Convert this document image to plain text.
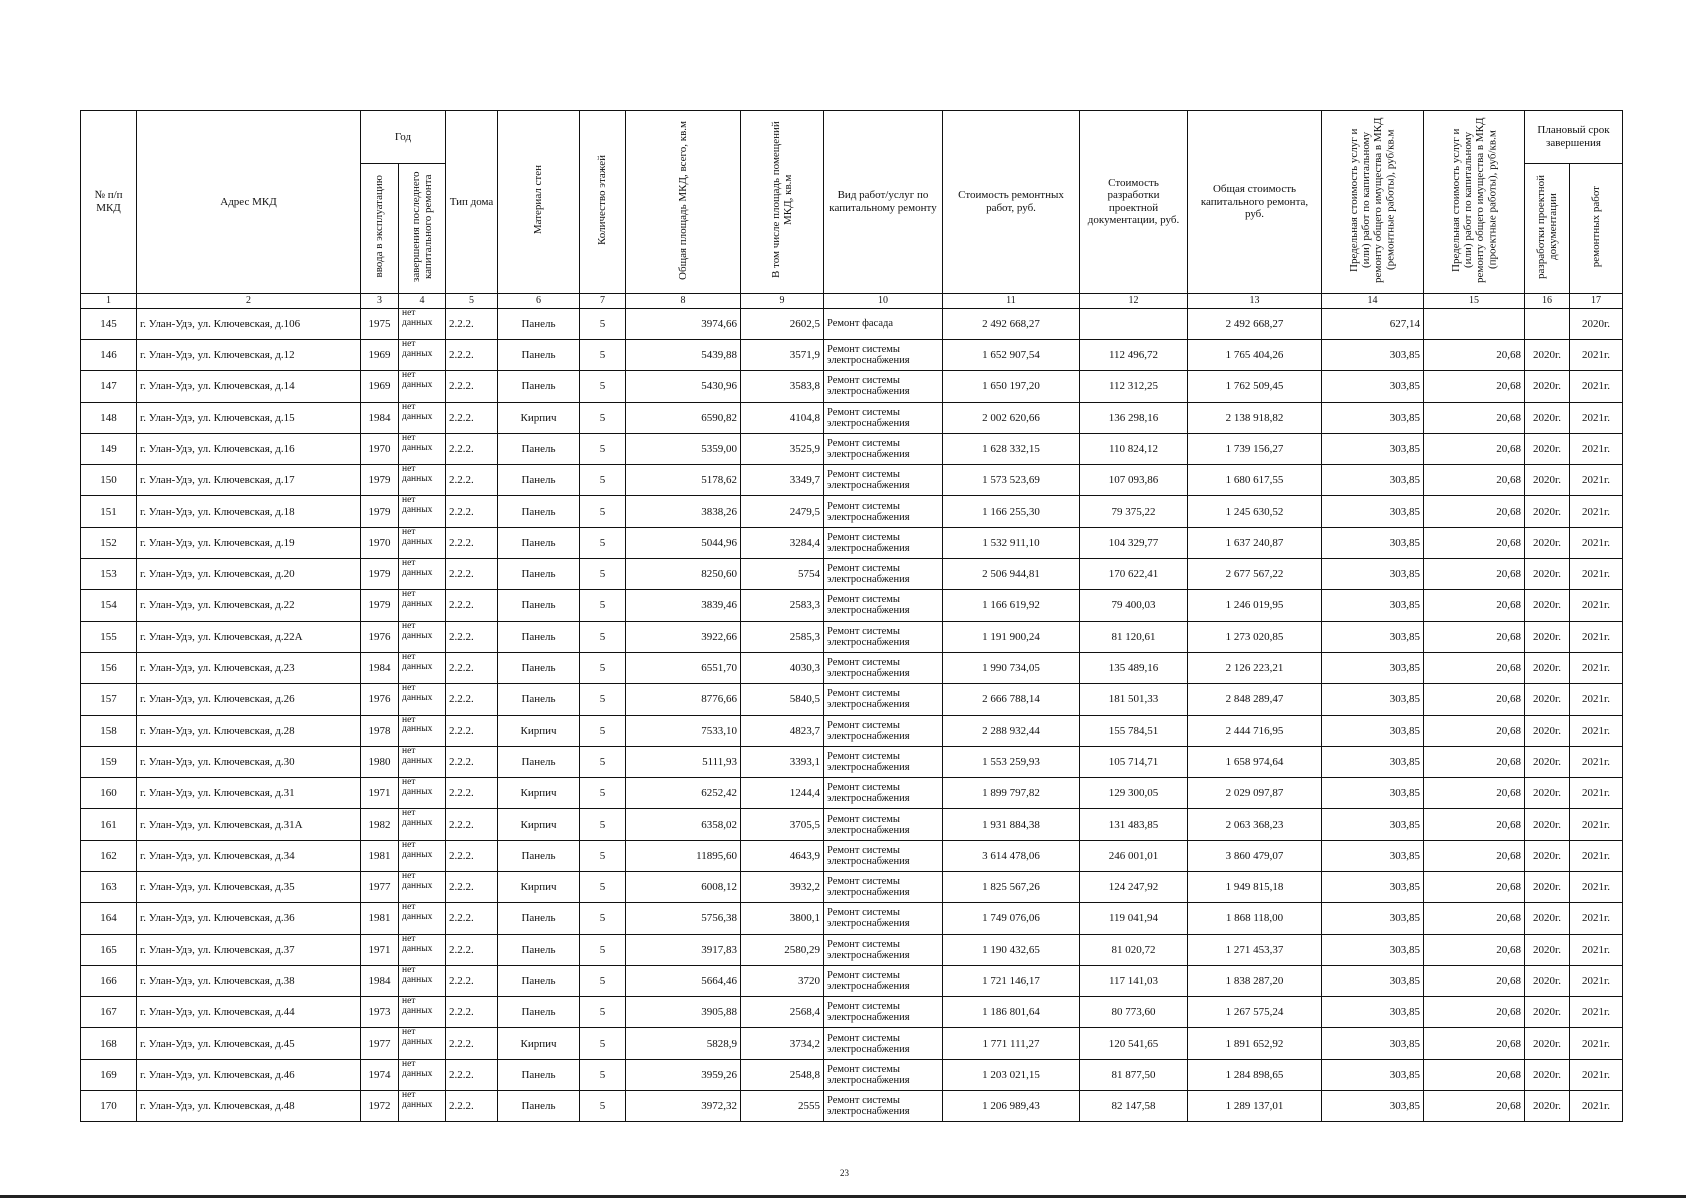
№ п/п МКД	Адрес МКД	Год		Тип дома	Материал стен	Количество этажей	Общая площадь МКД, всего, кв.м	В том числе площадь помещений МКД, кв.м	Вид работ/услуг по капитальному ремонту	Стоимость ремонтных работ, руб.	Стоимость разработки проектной документации, руб.	Общая стоимость капитального ремонта, руб.	Предельная стоимость услуг и (или) работ по капитальному ремонту общего имущества в МКД (ремонтные работы), руб/кв.м	Предельная стоимость услуг и (или) работ по капитальному ремонту общего имущества в МКД (проектные работы), руб/кв.м	Плановый срок завершения	
		ввода в эксплуатацию	завершения последнего капитального ремонта												разработки проектной документации	ремонтных работ
1	2	3	4	5	6	7	8	9	10	11	12	13	14	15	16	17
145	г. Улан-Удэ, ул. Ключевская, д.106	1975	нет данных	2.2.2.	Панель	5	3974,66	2602,5	Ремонт фасада	2 492 668,27		2 492 668,27	627,14			2020г.
146	г. Улан-Удэ, ул. Ключевская, д.12	1969	нет данных	2.2.2.	Панель	5	5439,88	3571,9	Ремонт системы электроснабжения	1 652 907,54	112 496,72	1 765 404,26	303,85	20,68	2020г.	2021г.
147	г. Улан-Удэ, ул. Ключевская, д.14	1969	нет данных	2.2.2.	Панель	5	5430,96	3583,8	Ремонт системы электроснабжения	1 650 197,20	112 312,25	1 762 509,45	303,85	20,68	2020г.	2021г.
148	г. Улан-Удэ, ул. Ключевская, д.15	1984	нет данных	2.2.2.	Кирпич	5	6590,82	4104,8	Ремонт системы электроснабжения	2 002 620,66	136 298,16	2 138 918,82	303,85	20,68	2020г.	2021г.
149	г. Улан-Удэ, ул. Ключевская, д.16	1970	нет данных	2.2.2.	Панель	5	5359,00	3525,9	Ремонт системы электроснабжения	1 628 332,15	110 824,12	1 739 156,27	303,85	20,68	2020г.	2021г.
150	г. Улан-Удэ, ул. Ключевская, д.17	1979	нет данных	2.2.2.	Панель	5	5178,62	3349,7	Ремонт системы электроснабжения	1 573 523,69	107 093,86	1 680 617,55	303,85	20,68	2020г.	2021г.
151	г. Улан-Удэ, ул. Ключевская, д.18	1979	нет данных	2.2.2.	Панель	5	3838,26	2479,5	Ремонт системы электроснабжения	1 166 255,30	79 375,22	1 245 630,52	303,85	20,68	2020г.	2021г.
152	г. Улан-Удэ, ул. Ключевская, д.19	1970	нет данных	2.2.2.	Панель	5	5044,96	3284,4	Ремонт системы электроснабжения	1 532 911,10	104 329,77	1 637 240,87	303,85	20,68	2020г.	2021г.
153	г. Улан-Удэ, ул. Ключевская, д.20	1979	нет данных	2.2.2.	Панель	5	8250,60	5754	Ремонт системы электроснабжения	2 506 944,81	170 622,41	2 677 567,22	303,85	20,68	2020г.	2021г.
154	г. Улан-Удэ, ул. Ключевская, д.22	1979	нет данных	2.2.2.	Панель	5	3839,46	2583,3	Ремонт системы электроснабжения	1 166 619,92	79 400,03	1 246 019,95	303,85	20,68	2020г.	2021г.
155	г. Улан-Удэ, ул. Ключевская, д.22А	1976	нет данных	2.2.2.	Панель	5	3922,66	2585,3	Ремонт системы электроснабжения	1 191 900,24	81 120,61	1 273 020,85	303,85	20,68	2020г.	2021г.
156	г. Улан-Удэ, ул. Ключевская, д.23	1984	нет данных	2.2.2.	Панель	5	6551,70	4030,3	Ремонт системы электроснабжения	1 990 734,05	135 489,16	2 126 223,21	303,85	20,68	2020г.	2021г.
157	г. Улан-Удэ, ул. Ключевская, д.26	1976	нет данных	2.2.2.	Панель	5	8776,66	5840,5	Ремонт системы электроснабжения	2 666 788,14	181 501,33	2 848 289,47	303,85	20,68	2020г.	2021г.
158	г. Улан-Удэ, ул. Ключевская, д.28	1978	нет данных	2.2.2.	Кирпич	5	7533,10	4823,7	Ремонт системы электроснабжения	2 288 932,44	155 784,51	2 444 716,95	303,85	20,68	2020г.	2021г.
159	г. Улан-Удэ, ул. Ключевская, д.30	1980	нет данных	2.2.2.	Панель	5	5111,93	3393,1	Ремонт системы электроснабжения	1 553 259,93	105 714,71	1 658 974,64	303,85	20,68	2020г.	2021г.
160	г. Улан-Удэ, ул. Ключевская, д.31	1971	нет данных	2.2.2.	Кирпич	5	6252,42	1244,4	Ремонт системы электроснабжения	1 899 797,82	129 300,05	2 029 097,87	303,85	20,68	2020г.	2021г.
161	г. Улан-Удэ, ул. Ключевская, д.31А	1982	нет данных	2.2.2.	Кирпич	5	6358,02	3705,5	Ремонт системы электроснабжения	1 931 884,38	131 483,85	2 063 368,23	303,85	20,68	2020г.	2021г.
162	г. Улан-Удэ, ул. Ключевская, д.34	1981	нет данных	2.2.2.	Панель	5	11895,60	4643,9	Ремонт системы электроснабжения	3 614 478,06	246 001,01	3 860 479,07	303,85	20,68	2020г.	2021г.
163	г. Улан-Удэ, ул. Ключевская, д.35	1977	нет данных	2.2.2.	Кирпич	5	6008,12	3932,2	Ремонт системы электроснабжения	1 825 567,26	124 247,92	1 949 815,18	303,85	20,68	2020г.	2021г.
164	г. Улан-Удэ, ул. Ключевская, д.36	1981	нет данных	2.2.2.	Панель	5	5756,38	3800,1	Ремонт системы электроснабжения	1 749 076,06	119 041,94	1 868 118,00	303,85	20,68	2020г.	2021г.
165	г. Улан-Удэ, ул. Ключевская, д.37	1971	нет данных	2.2.2.	Панель	5	3917,83	2580,29	Ремонт системы электроснабжения	1 190 432,65	81 020,72	1 271 453,37	303,85	20,68	2020г.	2021г.
166	г. Улан-Удэ, ул. Ключевская, д.38	1984	нет данных	2.2.2.	Панель	5	5664,46	3720	Ремонт системы электроснабжения	1 721 146,17	117 141,03	1 838 287,20	303,85	20,68	2020г.	2021г.
167	г. Улан-Удэ, ул. Ключевская, д.44	1973	нет данных	2.2.2.	Панель	5	3905,88	2568,4	Ремонт системы электроснабжения	1 186 801,64	80 773,60	1 267 575,24	303,85	20,68	2020г.	2021г.
168	г. Улан-Удэ, ул. Ключевская, д.45	1977	нет данных	2.2.2.	Кирпич	5	5828,9	3734,2	Ремонт системы электроснабжения	1 771 111,27	120 541,65	1 891 652,92	303,85	20,68	2020г.	2021г.
169	г. Улан-Удэ, ул. Ключевская, д.46	1974	нет данных	2.2.2.	Панель	5	3959,26	2548,8	Ремонт системы электроснабжения	1 203 021,15	81 877,50	1 284 898,65	303,85	20,68	2020г.	2021г.
170	г. Улан-Удэ, ул. Ключевская, д.48	1972	нет данных	2.2.2.	Панель	5	3972,32	2555	Ремонт системы электроснабжения	1 206 989,43	82 147,58	1 289 137,01	303,85	20,68	2020г.	2021г.
23
